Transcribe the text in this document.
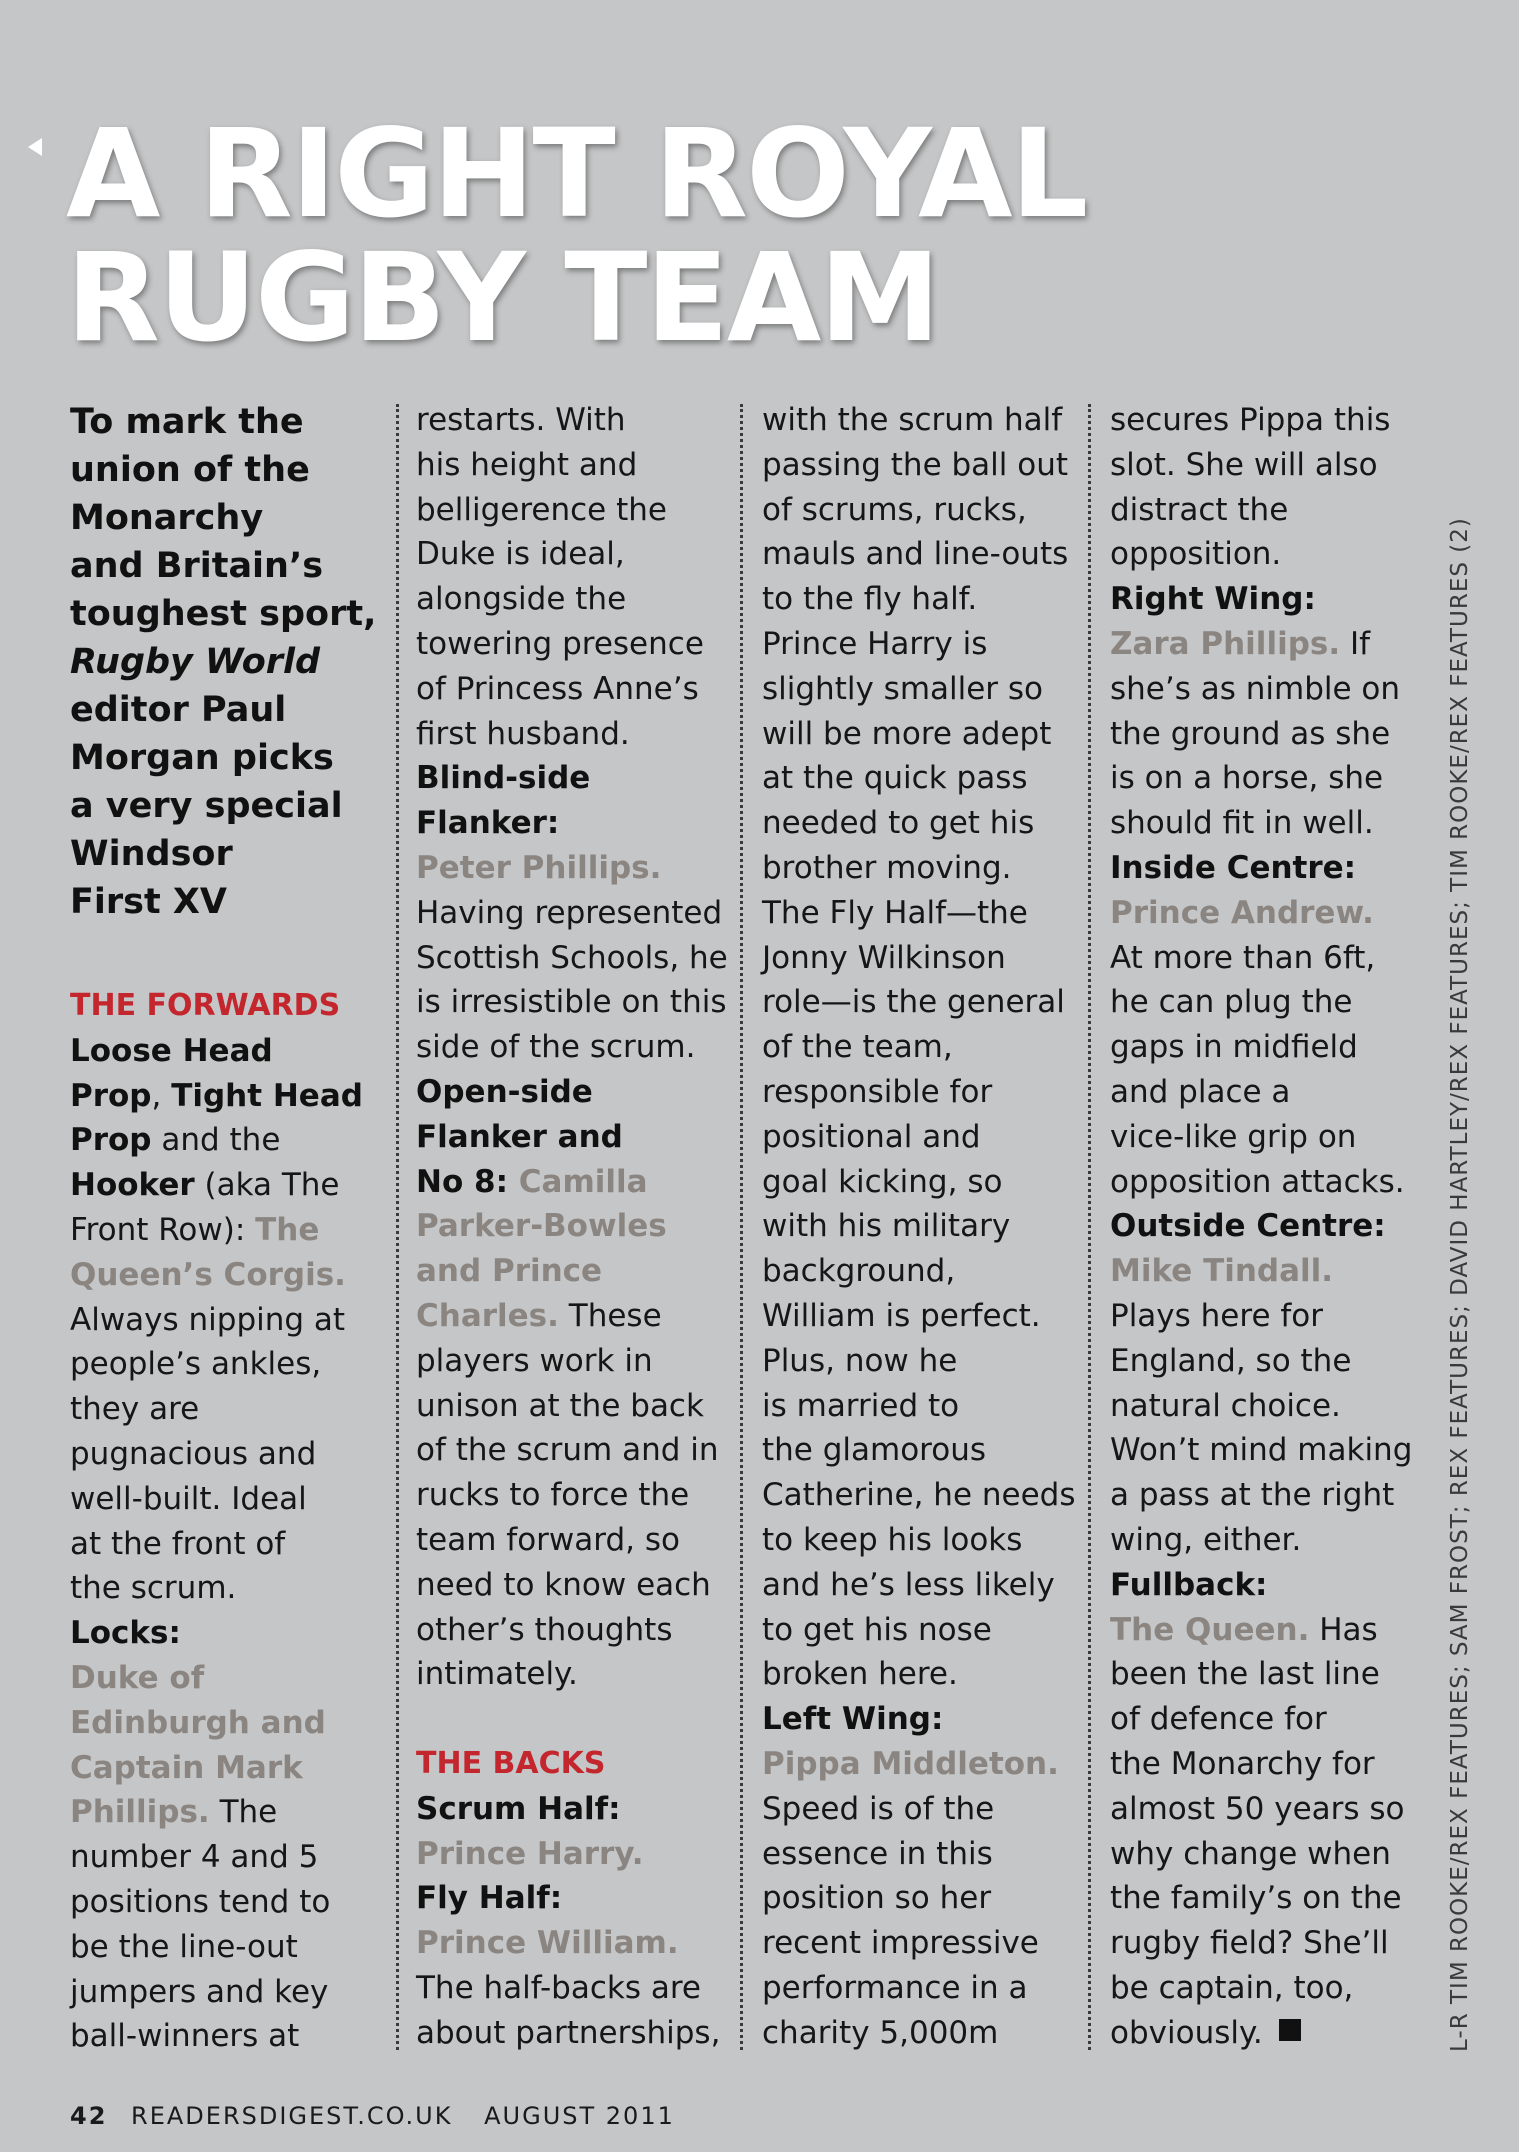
A RIGHT ROYAL
RUGBY TEAM

To mark the

union of the

Monarchy

and Britain’s

toughest sport,

Rugby World

editor Paul

Morgan picks

a very special

Windsor

First XV

THE FORWARDS

Loose Head

Prop, Tight Head

Prop and the

Hooker (aka The

Front Row): The

Queen’s Corgis.

Always nipping at

people’s ankles,

they are

pugnacious and

well-built. Ideal

at the front of

the scrum.

Locks:

Duke of

Edinburgh and

Captain Mark

Phillips. The

number 4 and 5

positions tend to

be the line-out

jumpers and key

ball-winners at

restarts. With

his height and

belligerence the

Duke is ideal,

alongside the

towering presence

of Princess Anne’s

first husband.

Blind-side

Flanker:

Peter Phillips.

Having represented

Scottish Schools, he

is irresistible on this

side of the scrum.

Open-side

Flanker and

No 8: Camilla

Parker-Bowles

and Prince

Charles. These

players work in

unison at the back

of the scrum and in

rucks to force the

team forward, so

need to know each

other’s thoughts

intimately.

THE BACKS

Scrum Half:

Prince Harry.

Fly Half:

Prince William.

The half-backs are

about partnerships,

with the scrum half

passing the ball out

of scrums, rucks,

mauls and line-outs

to the fly half.

Prince Harry is

slightly smaller so

will be more adept

at the quick pass

needed to get his

brother moving.

The Fly Half—the

Jonny Wilkinson

role—is the general

of the team,

responsible for

positional and

goal kicking, so

with his military

background,

William is perfect.

Plus, now he

is married to

the glamorous

Catherine, he needs

to keep his looks

and he’s less likely

to get his nose

broken here.

Left Wing:

Pippa Middleton.

Speed is of the

essence in this

position so her

recent impressive

performance in a

charity 5,000m

secures Pippa this

slot. She will also

distract the

opposition.

Right Wing:

Zara Phillips. If

she’s as nimble on

the ground as she

is on a horse, she

should fit in well.

Inside Centre:

Prince Andrew.

At more than 6ft,

he can plug the

gaps in midfield

and place a

vice-like grip on

opposition attacks.

Outside Centre:

Mike Tindall.

Plays here for

England, so the

natural choice.

Won’t mind making

a pass at the right

wing, either.

Fullback:

The Queen. Has

been the last line

of defence for

the Monarchy for

almost 50 years so

why change when

the family’s on the

rugby field? She’ll

be captain, too,

obviously.	L-R TIM ROOKE/REX FEATURES; SAM FROST; REX FEATURES; DAVID HARTLEY/REX FEATURES; TIM ROOKE/REX FEATURES (2)
42 READERSDIGEST.CO.UK AUGUST 2011
